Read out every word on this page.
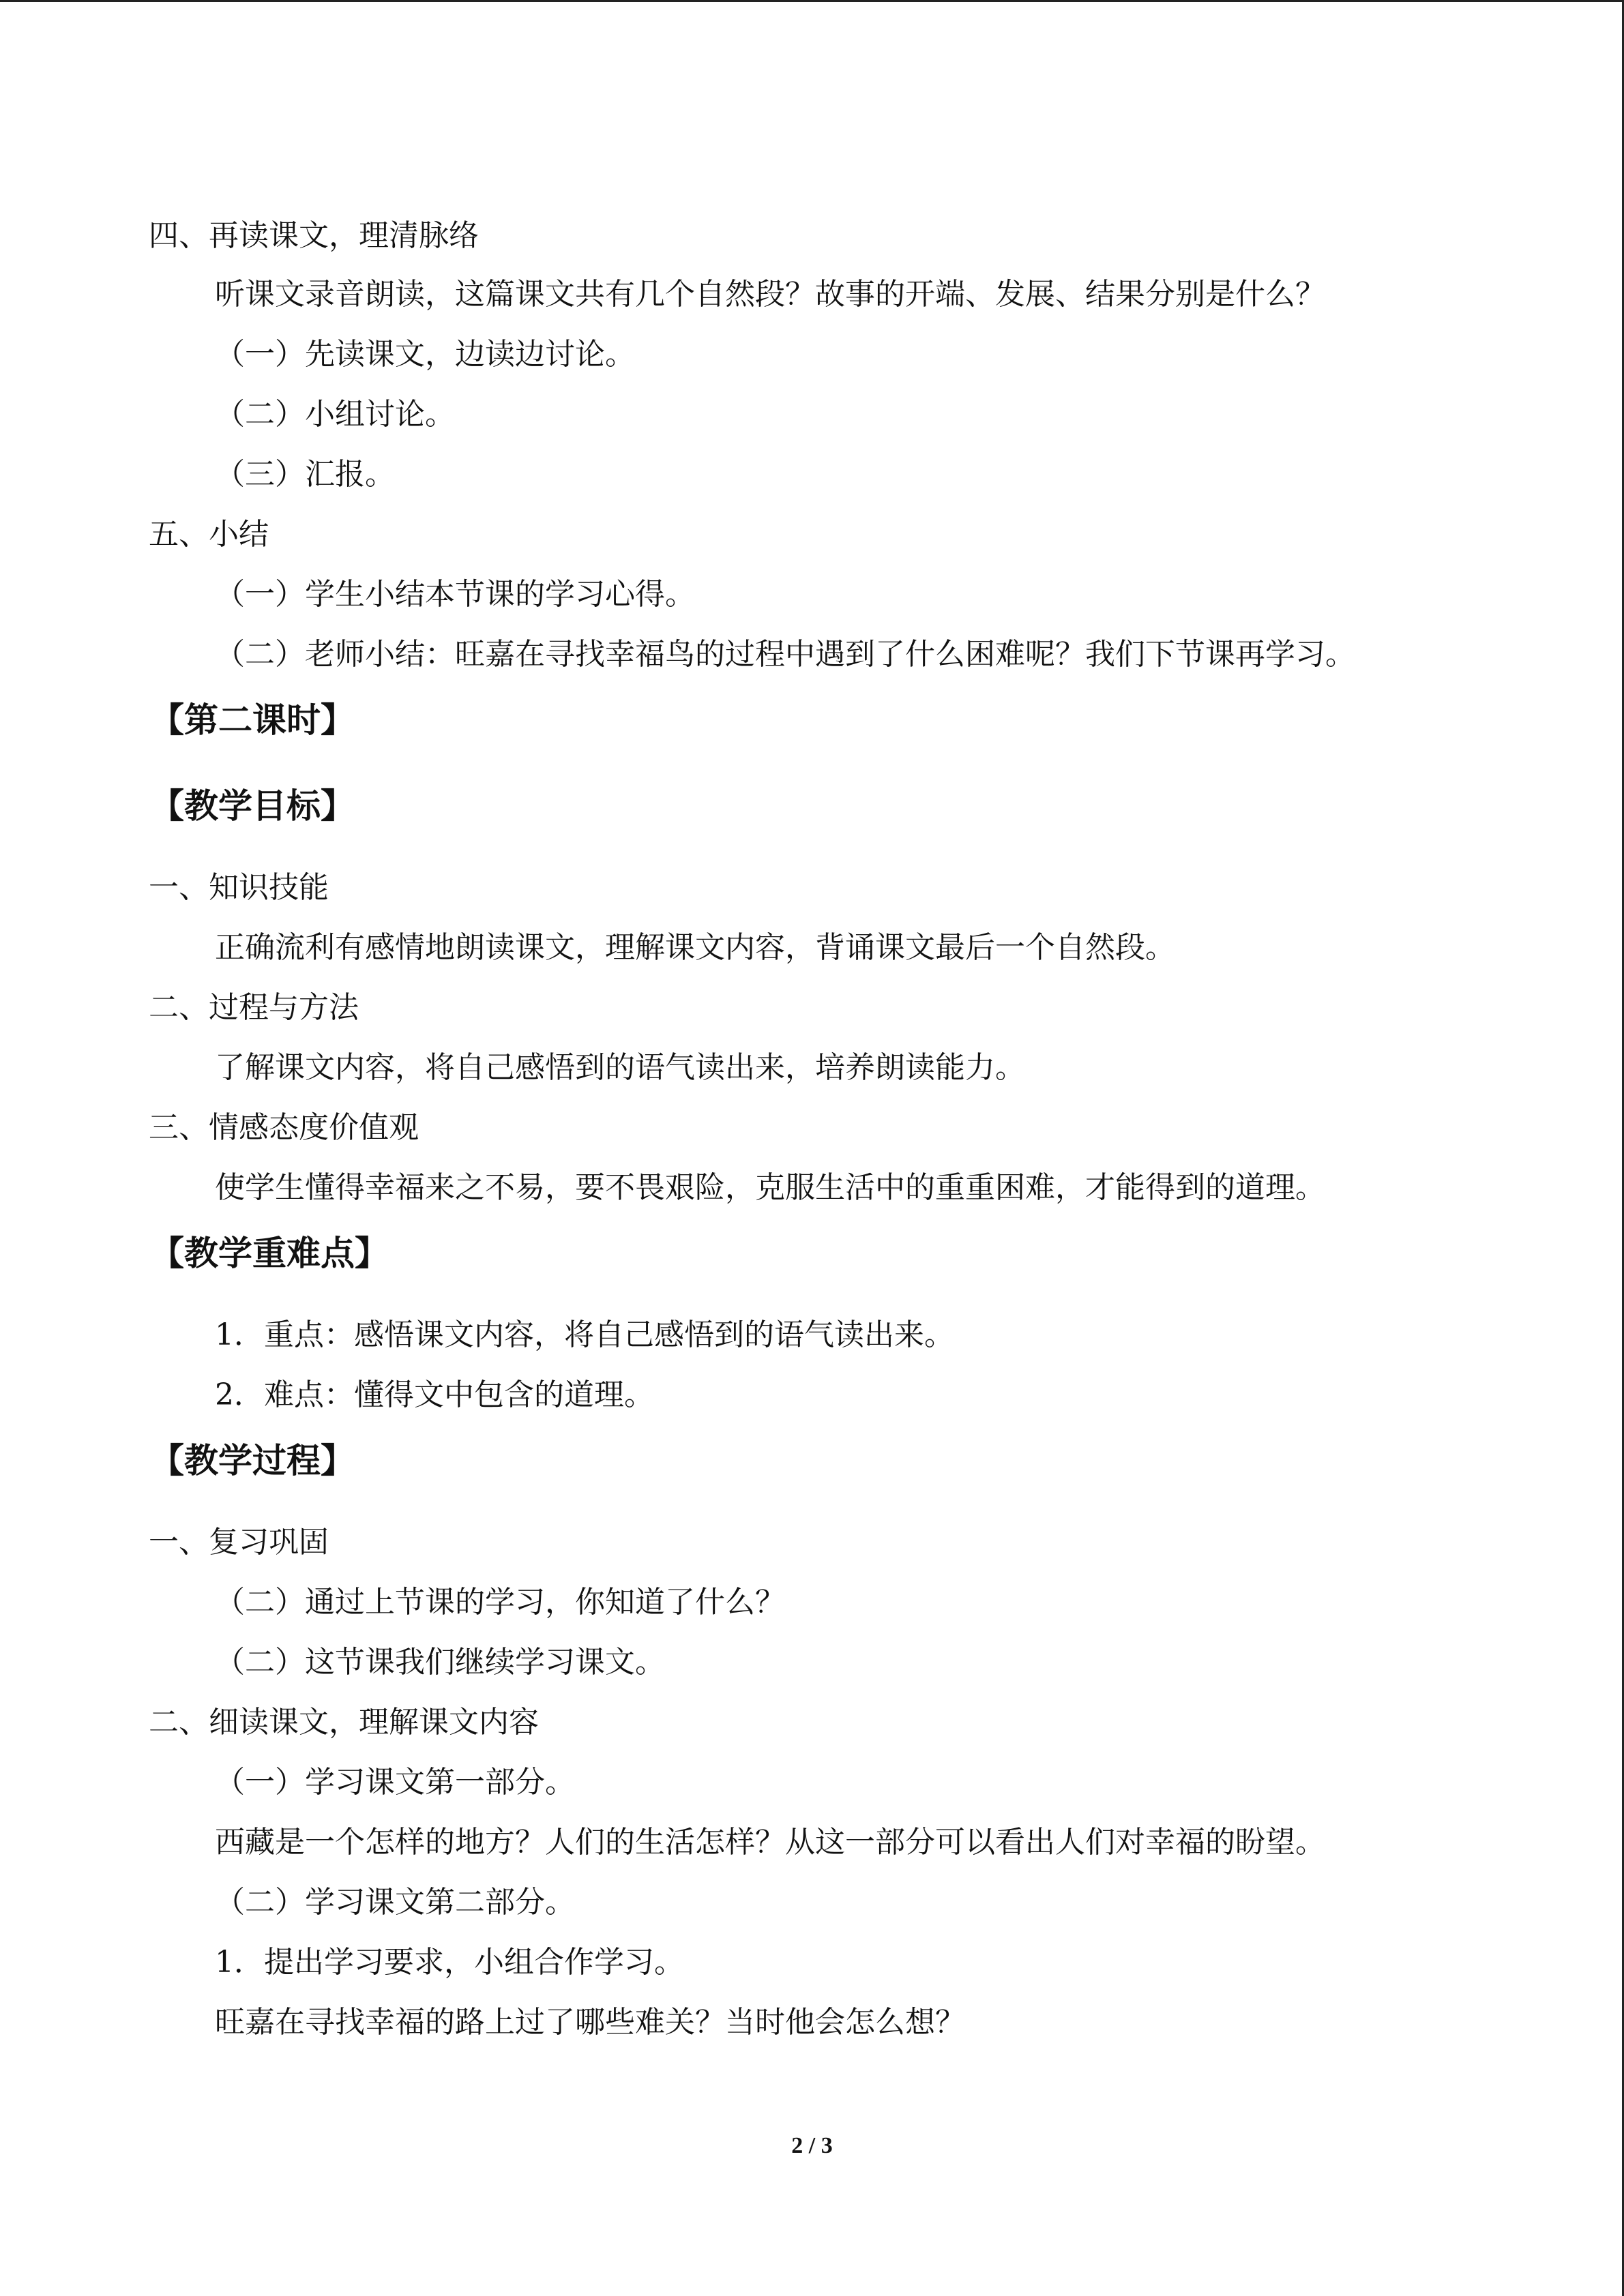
四、再读课文，理清脉络
听课文录音朗读，这篇课文共有几个自然段？故事的开端、发展、结果分别是什么？
（一）先读课文，边读边讨论。
（二）小组讨论。
（三）汇报。
五、小结
（一）学生小结本节课的学习心得。
（二）老师小结：旺嘉在寻找幸福鸟的过程中遇到了什么困难呢？我们下节课再学习。
【第二课时】
【教学目标】
一、知识技能
正确流利有感情地朗读课文，理解课文内容，背诵课文最后一个自然段。
二、过程与方法
了解课文内容，将自己感悟到的语气读出来，培养朗读能力。
三、情感态度价值观
使学生懂得幸福来之不易，要不畏艰险，克服生活中的重重困难，才能得到的道理。
【教学重难点】
1．重点：感悟课文内容，将自己感悟到的语气读出来。
2．难点：懂得文中包含的道理。
【教学过程】
一、复习巩固
（二）通过上节课的学习，你知道了什么？
（二）这节课我们继续学习课文。
二、细读课文，理解课文内容
（一）学习课文第一部分。
西藏是一个怎样的地方？人们的生活怎样？从这一部分可以看出人们对幸福的盼望。
（二）学习课文第二部分。
1．提出学习要求，小组合作学习。
旺嘉在寻找幸福的路上过了哪些难关？当时他会怎么想？
2 / 3
